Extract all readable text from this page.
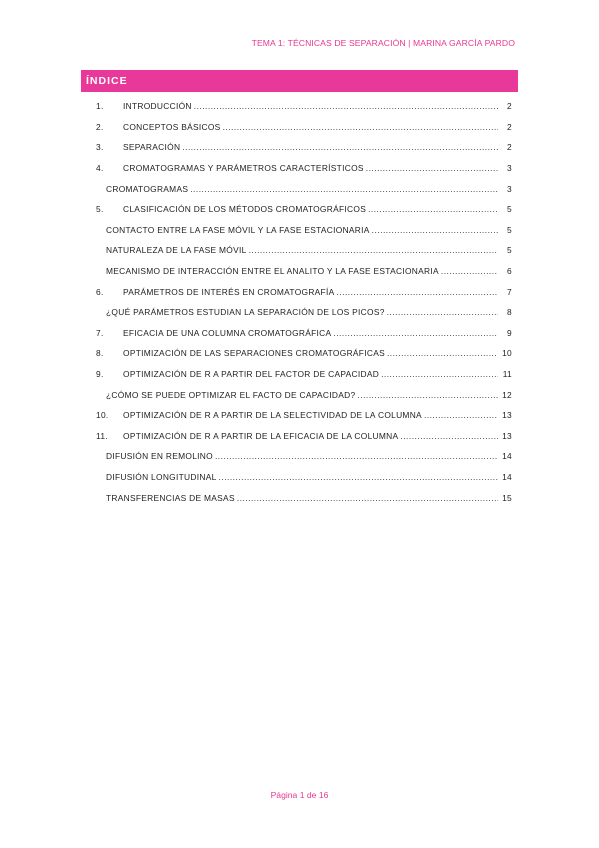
TEMA 1: TÉCNICAS DE SEPARACIÓN | MARINA GARCÍA PARDO
ÍNDICE
1.	INTRODUCCIÓN .....	2
2.	CONCEPTOS BÁSICOS .....	2
3.	SEPARACIÓN .....	2
4.	CROMATOGRAMAS Y PARÁMETROS CARACTERÍSTICOS .....	3
CROMATOGRAMAS .....	3
5.	CLASIFICACIÓN DE LOS MÉTODOS CROMATOGRÁFICOS .....	5
CONTACTO ENTRE LA FASE MÓVIL Y LA FASE ESTACIONARIA .....	5
NATURALEZA DE LA FASE MÓVIL .....	5
MECANISMO DE INTERACCIÓN ENTRE EL ANALITO Y LA FASE ESTACIONARIA .....	6
6.	PARÁMETROS DE INTERÉS EN CROMATOGRAFÍA .....	7
¿QUÉ PARÁMETROS ESTUDIAN LA SEPARACIÓN DE LOS PICOS? .....	8
7.	EFICACIA DE UNA COLUMNA CROMATOGRÁFICA .....	9
8.	OPTIMIZACIÓN DE LAS SEPARACIONES CROMATOGRÁFICAS .....	10
9.	OPTIMIZACIÓN DE R A PARTIR DEL FACTOR DE CAPACIDAD .....	11
¿CÓMO SE PUEDE OPTIMIZAR EL FACTO DE CAPACIDAD? .....	12
10.	OPTIMIZACIÓN DE R A PARTIR DE LA SELECTIVIDAD DE LA COLUMNA .....	13
11.	OPTIMIZACIÓN DE R A PARTIR DE LA EFICACIA DE LA COLUMNA .....	13
DIFUSIÓN EN REMOLINO .....	14
DIFUSIÓN LONGITUDINAL .....	14
TRANSFERENCIAS DE MASAS .....	15
Página 1 de 16
